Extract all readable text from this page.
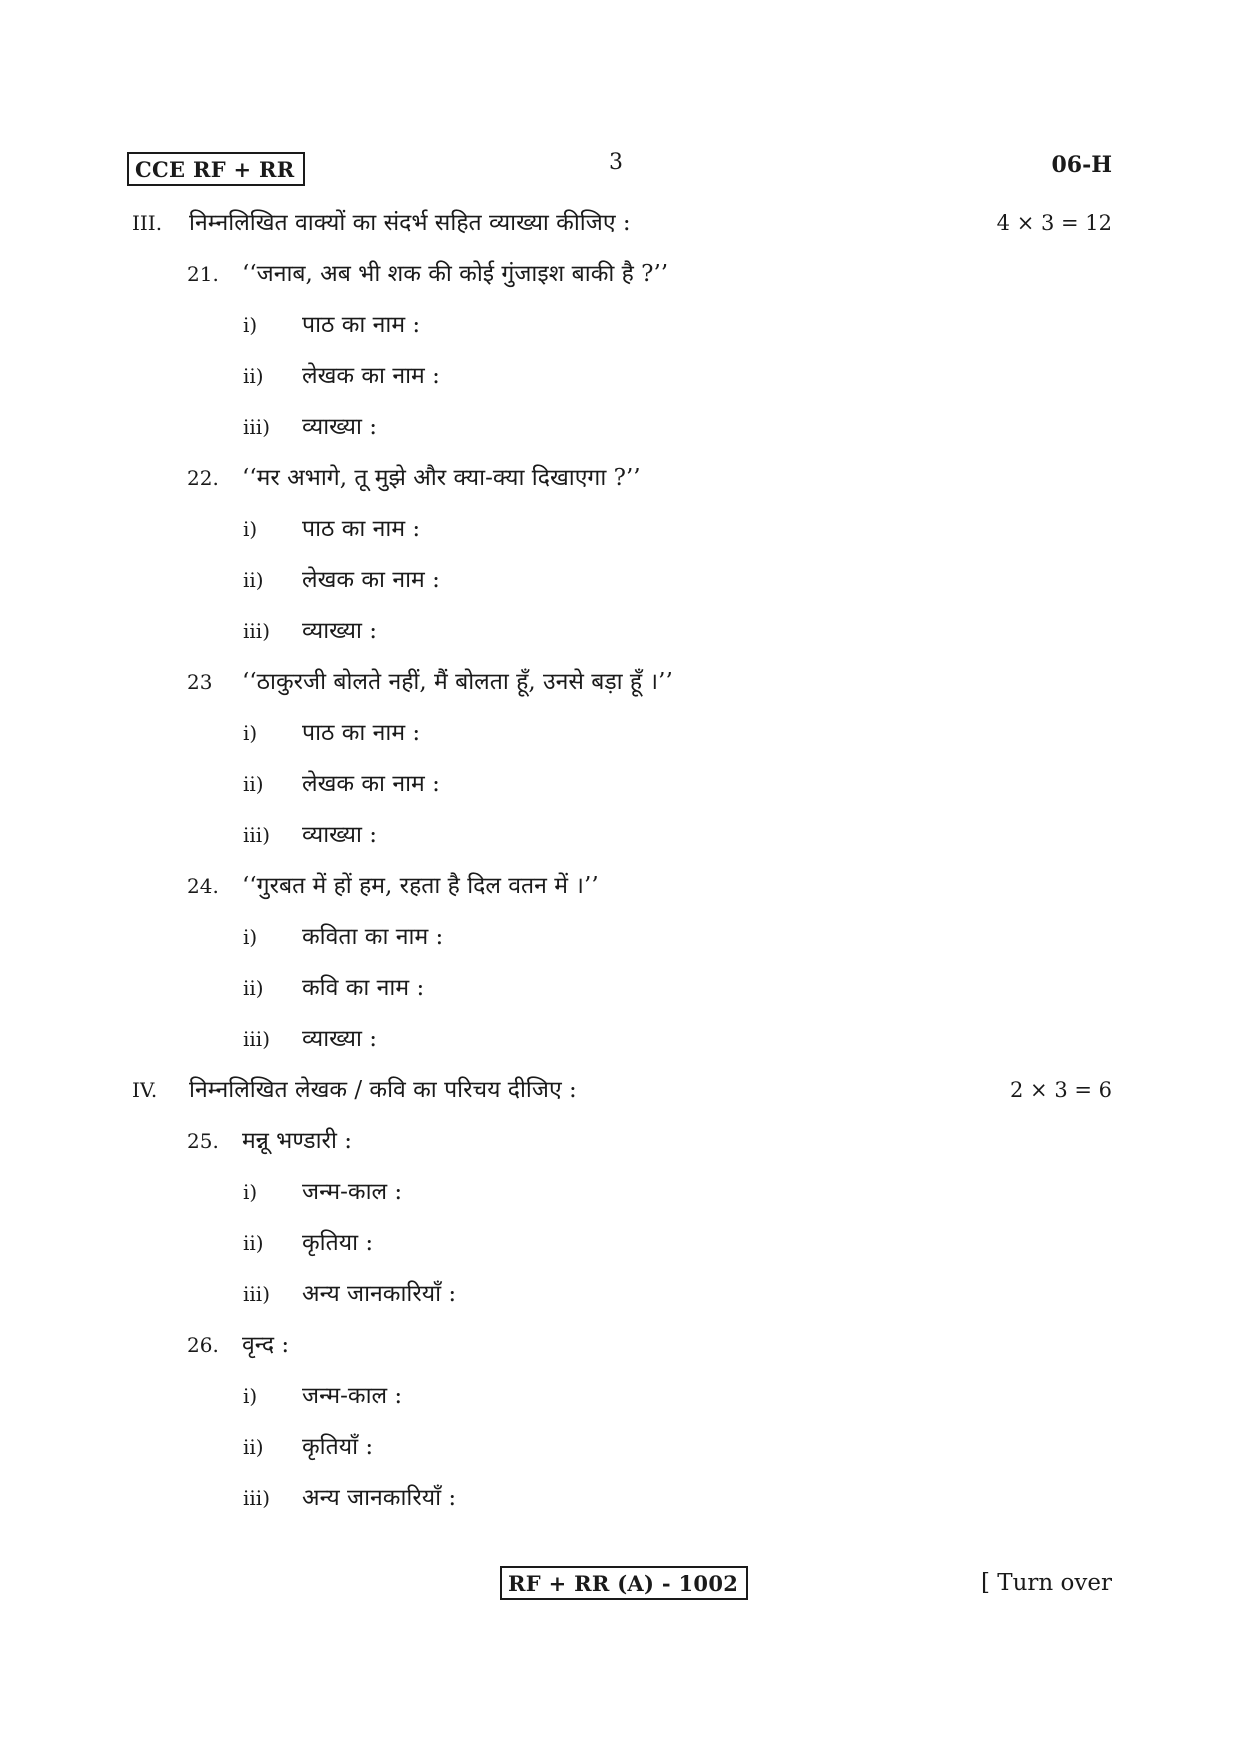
CCE RF + RR	3	06-H
III. निम्नलिखित वाक्यों का संदर्भ सहित व्याख्या कीजिए :	4 × 3 = 12
21. ‘‘जनाब, अब भी शक की कोई गुंजाइश बाकी है ?’’
i) पाठ का नाम :
ii) लेखक का नाम :
iii) व्याख्या :
22. ‘‘मर अभागे, तू मुझे और क्या-क्या दिखाएगा ?’’
i) पाठ का नाम :
ii) लेखक का नाम :
iii) व्याख्या :
23 ‘‘ठाकुरजी बोलते नहीं, मैं बोलता हूँ, उनसे बड़ा हूँ ।’’
i) पाठ का नाम :
ii) लेखक का नाम :
iii) व्याख्या :
24. ‘‘गुरबत में हों हम, रहता है दिल वतन में ।’’
i) कविता का नाम :
ii) कवि का नाम :
iii) व्याख्या :
IV. निम्नलिखित लेखक / कवि का परिचय दीजिए :	2 × 3 = 6
25. मन्नू भण्डारी :
i) जन्म-काल :
ii) कृतिया :
iii) अन्य जानकारियाँ :
26. वृन्द :
i) जन्म-काल :
ii) कृतियाँ :
iii) अन्य जानकारियाँ :
RF + RR (A) - 1002	[ Turn over
